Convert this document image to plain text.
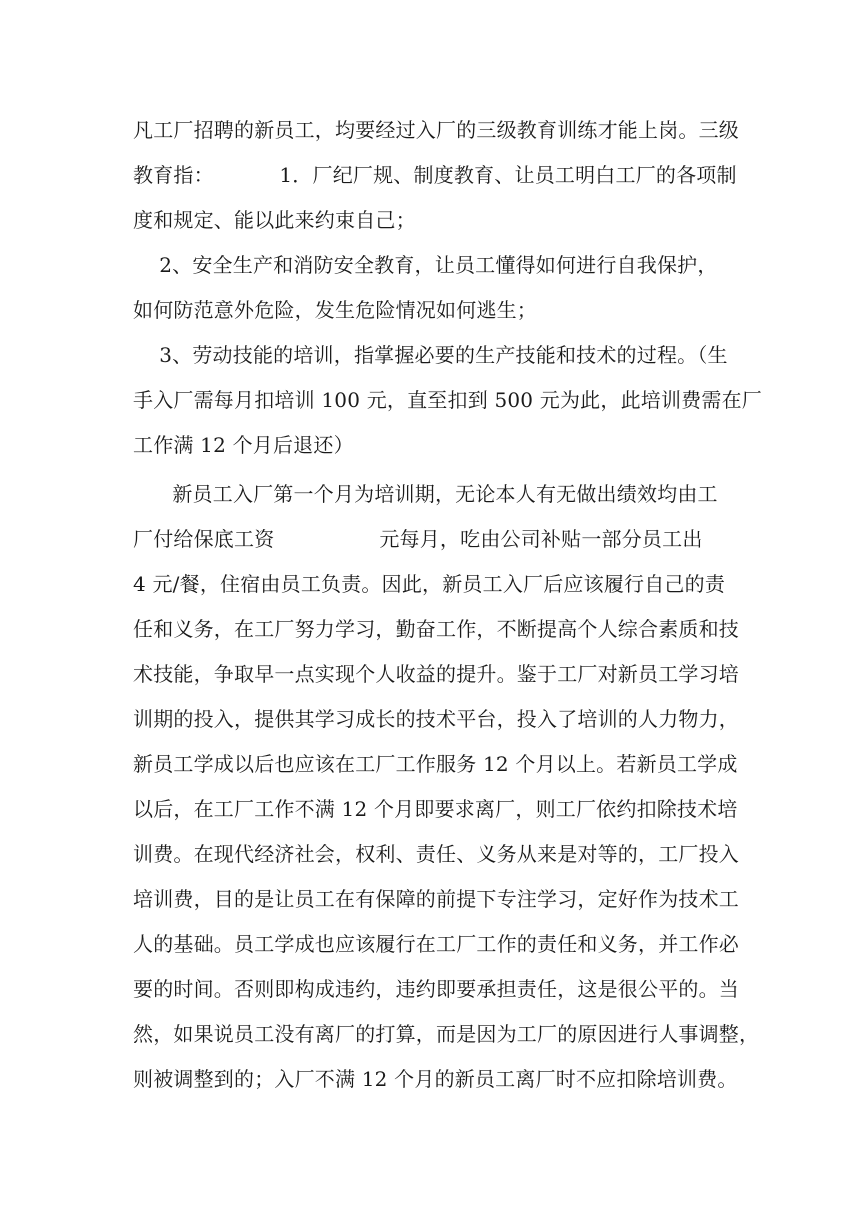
凡工厂招聘的新员工，均要经过入厂的三级教育训练才能上岗。三级
教育指：          1．厂纪厂规、制度教育、让员工明白工厂的各项制
度和规定、能以此来约束自己；
2、安全生产和消防安全教育，让员工懂得如何进行自我保护，
如何防范意外危险，发生危险情况如何逃生；
3、劳动技能的培训，指掌握必要的生产技能和技术的过程。（生
手入厂需每月扣培训 100 元，直至扣到 500 元为此，此培训费需在厂
工作满 12 个月后退还）
新员工入厂第一个月为培训期，无论本人有无做出绩效均由工
厂付给保底工资                元每月，吃由公司补贴一部分员工出
4 元/餐，住宿由员工负责。因此，新员工入厂后应该履行自己的责
任和义务，在工厂努力学习，勤奋工作，不断提高个人综合素质和技
术技能，争取早一点实现个人收益的提升。鉴于工厂对新员工学习培
训期的投入，提供其学习成长的技术平台，投入了培训的人力物力，
新员工学成以后也应该在工厂工作服务 12 个月以上。若新员工学成
以后，在工厂工作不满 12 个月即要求离厂，则工厂依约扣除技术培
训费。在现代经济社会，权利、责任、义务从来是对等的，工厂投入
培训费，目的是让员工在有保障的前提下专注学习，定好作为技术工
人的基础。员工学成也应该履行在工厂工作的责任和义务，并工作必
要的时间。否则即构成违约，违约即要承担责任，这是很公平的。当
然，如果说员工没有离厂的打算，而是因为工厂的原因进行人事调整，
则被调整到的；入厂不满 12 个月的新员工离厂时不应扣除培训费。
